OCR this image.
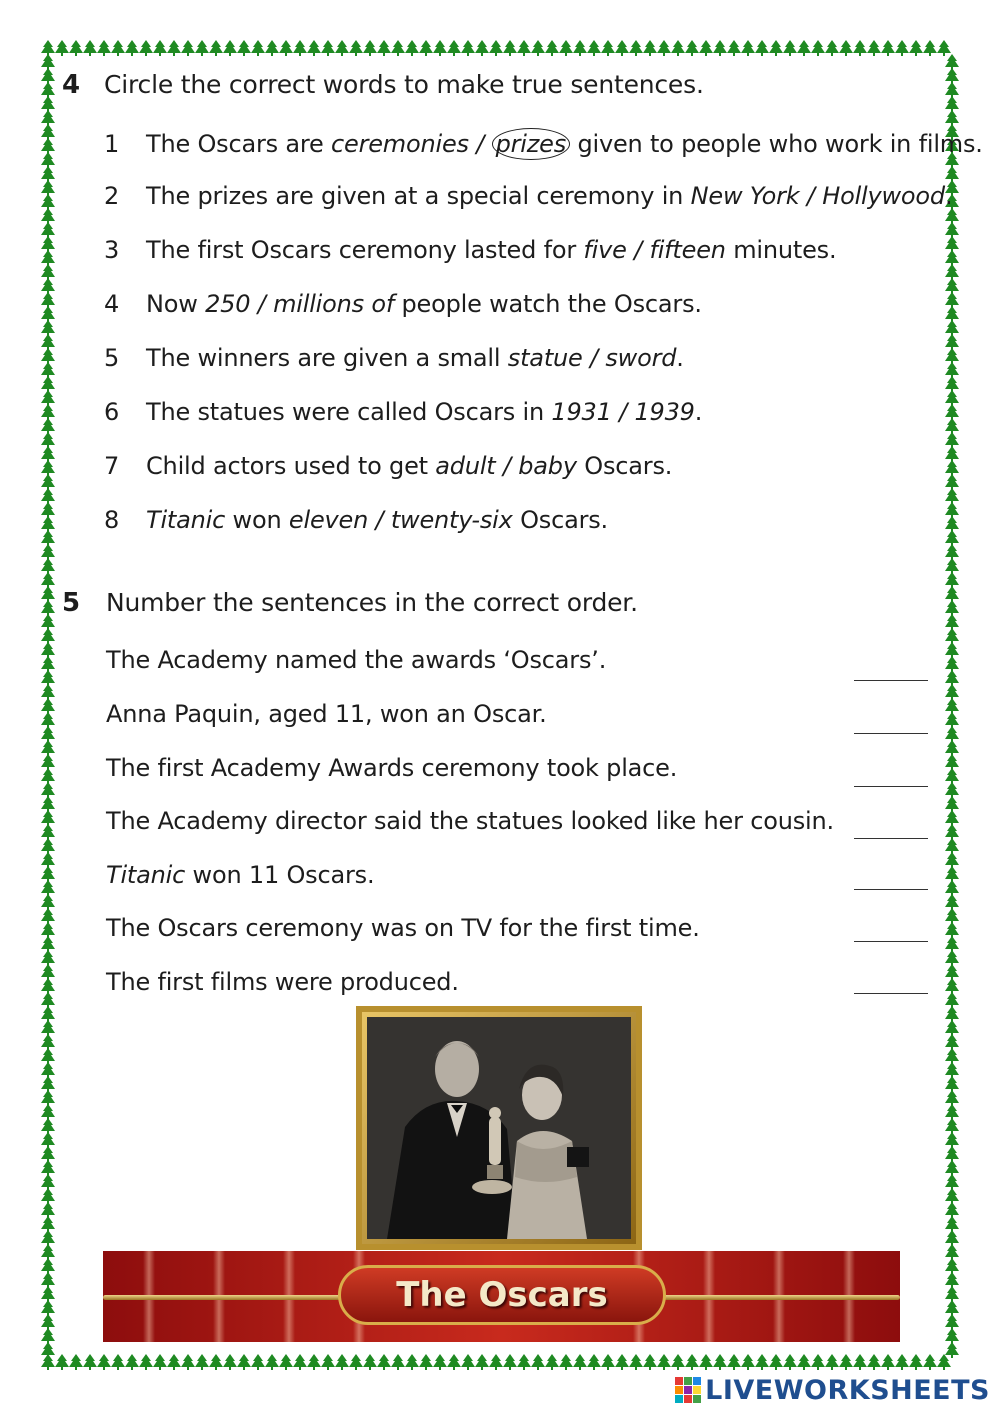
4 Circle the correct words to make true sentences.
1 The Oscars are ceremonies / prizes given to people who work in films.
2 The prizes are given at a special ceremony in New York / Hollywood.
3 The first Oscars ceremony lasted for five / fifteen minutes.
4 Now 250 / millions of people watch the Oscars.
5 The winners are given a small statue / sword.
6 The statues were called Oscars in 1931 / 1939.
7 Child actors used to get adult / baby Oscars.
8 Titanic won eleven / twenty-six Oscars.
5 Number the sentences in the correct order.
The Academy named the awards ‘Oscars’.
Anna Paquin, aged 11, won an Oscar.
The first Academy Awards ceremony took place.
The Academy director said the statues looked like her cousin.
Titanic won 11 Oscars.
The Oscars ceremony was on TV for the first time.
The first films were produced.
The Oscars
LIVEWORKSHEETS
